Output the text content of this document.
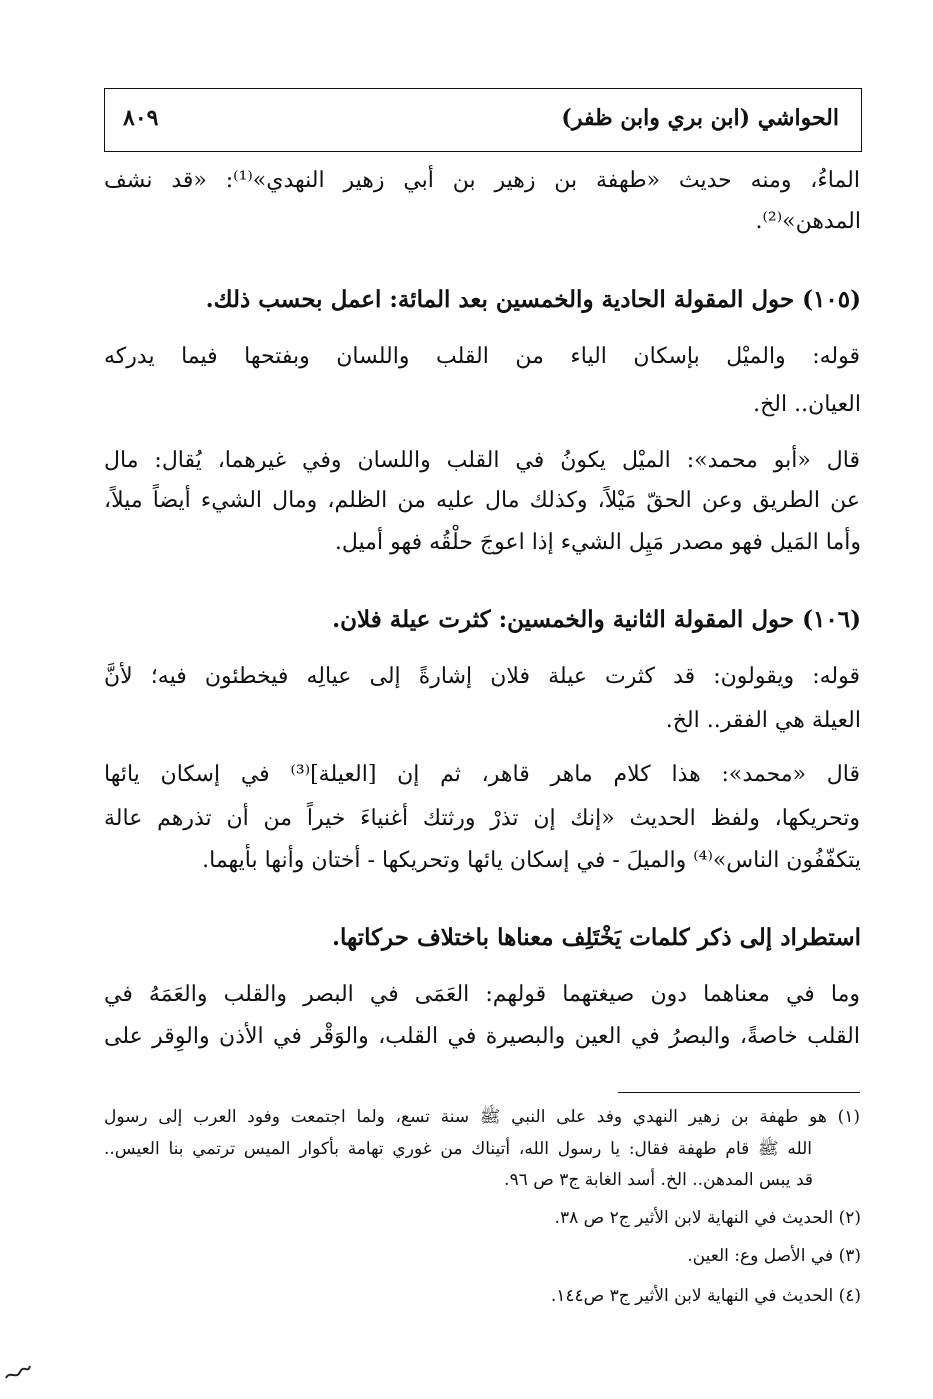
الحواشي (ابن بري وابن ظفر)
٨٠٩
الماءُ، ومنه حديث «طهفة بن زهير بن أبي زهير النهدي»⁽¹⁾: «قد نشف
المدهن»⁽²⁾.
(١٠٥) حول المقولة الحادية والخمسين بعد المائة: اعمل بحسب ذلك.
قوله: والميْل بإسكان الياء من القلب واللسان وبفتحها فيما يدركه
العيان.. الخ.
قال «أبو محمد»: الميْل يكونُ في القلب واللسان وفي غيرهما، يُقال: مال
عن الطريق وعن الحقّ مَيْلاً، وكذلك مال عليه من الظلم، ومال الشيء أيضاً ميلاً،
وأما المَيل فهو مصدر مَيِل الشيء إذا اعوجَ حلْقُه فهو أميل.
(١٠٦) حول المقولة الثانية والخمسين: كثرت عيلة فلان.
قوله: ويقولون: قد كثرت عيلة فلان إشارةً إلى عيالِه فيخطئون فيه؛ لأنَّ
العيلة هي الفقر.. الخ.
قال «محمد»: هذا كلام ماهر قاهر، ثم إن [العيلة]⁽³⁾ في إسكان يائها
وتحريكها، ولفظ الحديث «إنك إن تذرْ ورثتك أغنياءَ خيراً من أن تذرهم عالة
يتكفّفُون الناس»⁽⁴⁾ والميلَ - في إسكان يائها وتحريكها - أختان وأنها بأيهما.
استطراد إلى ذكر كلمات يَخْتَلِف معناها باختلاف حركاتها.
وما في معناهما دون صيغتهما قولهم: العَمَى في البصر والقلب والعَمَهُ في
القلب خاصةً، والبصرُ في العين والبصيرة في القلب، والوَقْر في الأذن والوِقر على
(١) هو طهفة بن زهير النهدي وفد على النبي ﷺ سنة تسع، ولما اجتمعت وفود العرب إلى رسول
الله ﷺ قام طهفة فقال: يا رسول الله، أتيناك من غوري تهامة بأكوار الميس ترتمي بنا العيس..
قد يبس المدهن.. الخ. أسد الغابة ج٣ ص ٩٦.
(٢) الحديث في النهاية لابن الأثير ج٢ ص ٣٨.
(٣) في الأصل وع: العين.
(٤) الحديث في النهاية لابن الأثير ج٣ ص١٤٤.
